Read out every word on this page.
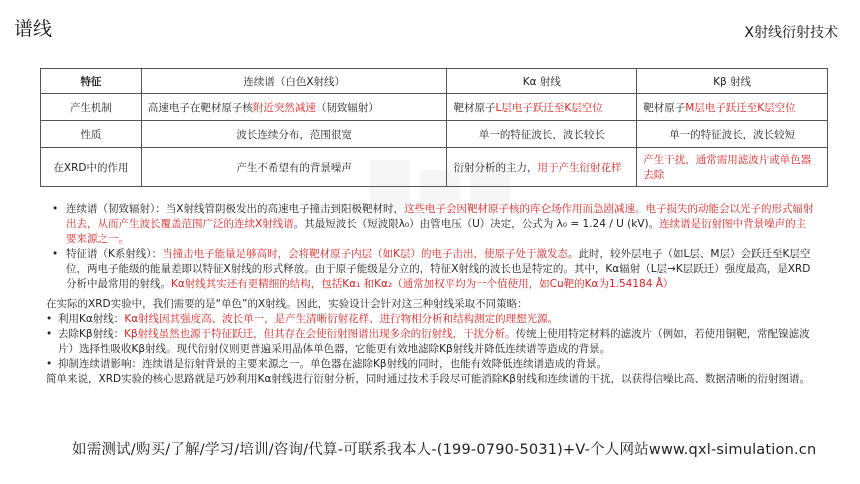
谱线	X射线衍射技术
特征	连续谱（白色X射线）	Kα 射线	Kβ 射线
产生机制	高速电子在靶材原子核附近突然减速（韧致辐射）	靶材原子L层电子跃迁至K层空位	靶材原子M层电子跃迁至K层空位
性质	波长连续分布，范围很宽	单一的特征波长，波长较长	单一的特征波长，波长较短
在XRD中的作用	产生不希望有的背景噪声	衍射分析的主力，用于产生衍射花样	产生干扰，通常需用滤波片或单色器去除
• 连续谱（韧致辐射）：当X射线管阴极发出的高速电子撞击到阳极靶材时，这些电子会因靶材原子核的库仑场作用而急剧减速。电子损失的动能会以光子的形式辐射出去，从而产生波长覆盖范围广泛的连续X射线谱。其最短波长（短波限λ₀）由管电压（U）决定，公式为 λ₀ = 1.24 / U (kV)。连续谱是衍射图中背景噪声的主要来源之一。
• 特征谱（K系射线）：当撞击电子能量足够高时，会将靶材原子内层（如K层）的电子击出，使原子处于激发态。此时，较外层电子（如L层、M层）会跃迁至K层空位，两电子能级的能量差即以特征X射线的形式释放。由于原子能级是分立的，特征X射线的波长也是特定的。其中，Kα辐射（L层→K层跃迁）强度最高，是XRD分析中最常用的射线。Kα射线其实还有更精细的结构，包括Kα₁ 和Kα₂（通常加权平均为一个值使用，如Cu靶的Kα为1.54184 Å）

在实际的XRD实验中，我们需要的是“单色”的X射线。因此，实验设计会针对这三种射线采取不同策略：

• 利用Kα射线：Kα射线因其强度高、波长单一，是产生清晰衍射花样、进行物相分析和结构测定的理想光源。
• 去除Kβ射线：Kβ射线虽然也源于特征跃迁，但其存在会使衍射图谱出现多余的衍射线，干扰分析。传统上使用特定材料的滤波片（例如，若使用铜靶，常配镍滤波片）选择性吸收Kβ射线。现代衍射仪则更普遍采用晶体单色器，它能更有效地滤除Kβ射线并降低连续谱等造成的背景。
• 抑制连续谱影响：连续谱是衍射背景的主要来源之一。单色器在滤除Kβ射线的同时，也能有效降低连续谱造成的背景。

简单来说，XRD实验的核心思路就是巧妙利用Kα射线进行衍射分析，同时通过技术手段尽可能消除Kβ射线和连续谱的干扰，以获得信噪比高、数据清晰的衍射图谱。

如需测试/购买/了解/学习/培训/咨询/代算-可联系我本人-(199-0790-5031)+V-个人网站www.qxl-simulation.cn
